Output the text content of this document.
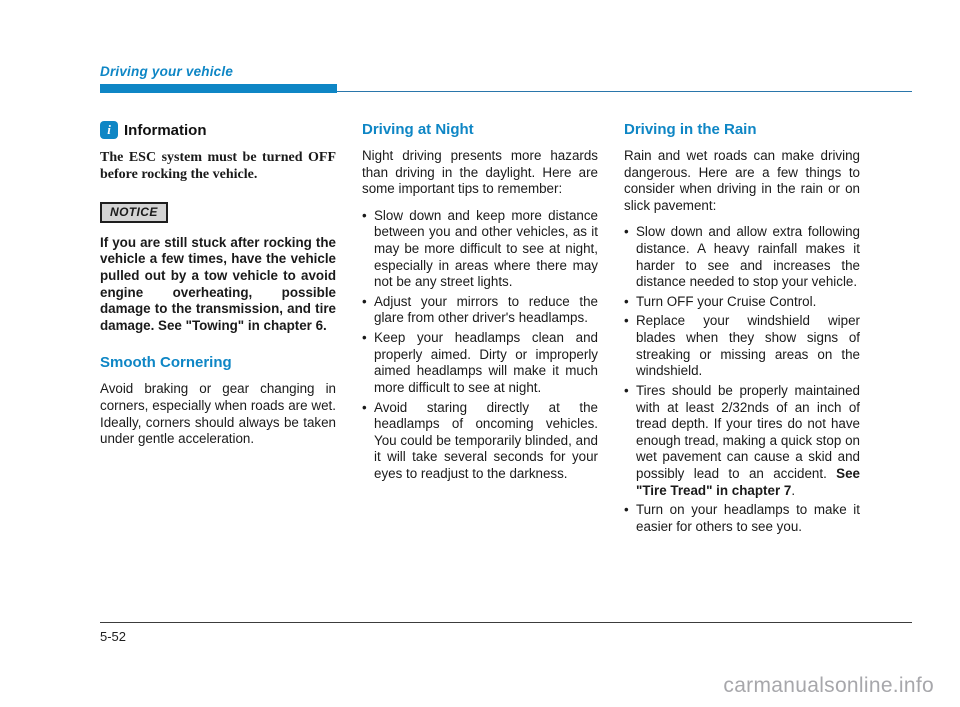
Driving your vehicle
i Information

The ESC system must be turned OFF before rocking the vehicle.

NOTICE

If you are still stuck after rocking the vehicle a few times, have the vehicle pulled out by a tow vehicle to avoid engine overheating, possible damage to the transmission, and tire damage. See "Towing" in chapter 6.

Smooth Cornering

Avoid braking or gear changing in corners, especially when roads are wet. Ideally, corners should always be taken under gentle acceleration.

Driving at Night

Night driving presents more hazards than driving in the daylight. Here are some important tips to remember:

• Slow down and keep more distance between you and other vehicles, as it may be more difficult to see at night, especially in areas where there may not be any street lights.
• Adjust your mirrors to reduce the glare from other driver's headlamps.
• Keep your headlamps clean and properly aimed. Dirty or improperly aimed headlamps will make it much more difficult to see at night.
• Avoid staring directly at the headlamps of oncoming vehicles. You could be temporarily blinded, and it will take several seconds for your eyes to readjust to the darkness.
Driving in the Rain

Rain and wet roads can make driving dangerous. Here are a few things to consider when driving in the rain or on slick pavement:

• Slow down and allow extra following distance. A heavy rainfall makes it harder to see and increases the distance needed to stop your vehicle.
• Turn OFF your Cruise Control.
• Replace your windshield wiper blades when they show signs of streaking or missing areas on the windshield.
• Tires should be properly maintained with at least 2/32nds of an inch of tread depth. If your tires do not have enough tread, making a quick stop on wet pavement can cause a skid and possibly lead to an accident. See "Tire Tread" in chapter 7.
• Turn on your headlamps to make it easier for others to see you.
5-52
carmanualsonline.info
